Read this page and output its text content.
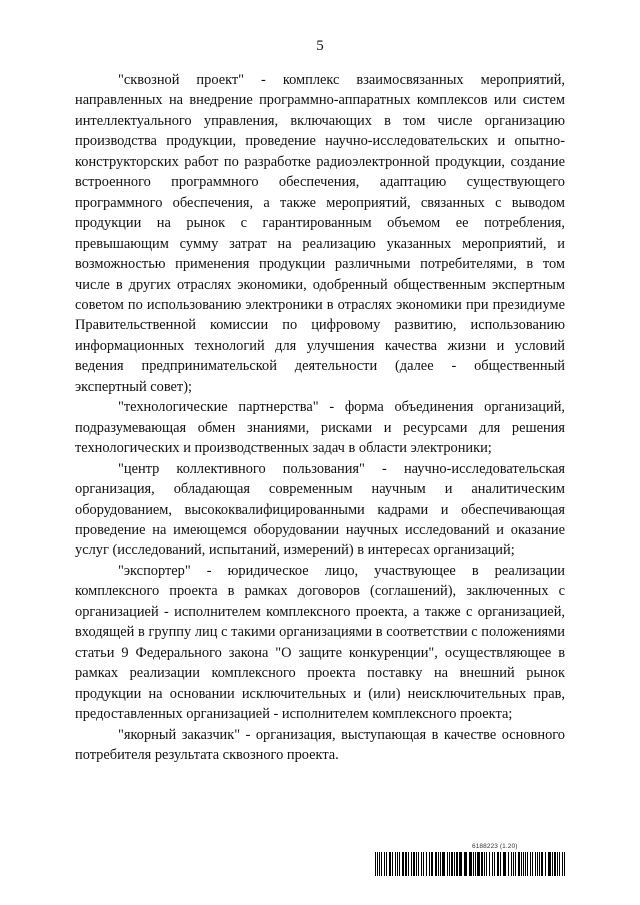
5

"сквозной проект" - комплекс взаимосвязанных мероприятий, направленных на внедрение программно-аппаратных комплексов или систем интеллектуального управления, включающих в том числе организацию производства продукции, проведение научно-исследовательских и опытно-конструкторских работ по разработке радиоэлектронной продукции, создание встроенного программного обеспечения, адаптацию существующего программного обеспечения, а также мероприятий, связанных с выводом продукции на рынок с гарантированным объемом ее потребления, превышающим сумму затрат на реализацию указанных мероприятий, и возможностью применения продукции различными потребителями, в том числе в других отраслях экономики, одобренный общественным экспертным советом по использованию электроники в отраслях экономики при президиуме Правительственной комиссии по цифровому развитию, использованию информационных технологий для улучшения качества жизни и условий ведения предпринимательской деятельности (далее - общественный экспертный совет);

"технологические партнерства" - форма объединения организаций, подразумевающая обмен знаниями, рисками и ресурсами для решения технологических и производственных задач в области электроники;

"центр коллективного пользования" - научно-исследовательская организация, обладающая современным научным и аналитическим оборудованием, высококвалифицированными кадрами и обеспечивающая проведение на имеющемся оборудовании научных исследований и оказание услуг (исследований, испытаний, измерений) в интересах организаций;

"экспортер" - юридическое лицо, участвующее в реализации комплексного проекта в рамках договоров (соглашений), заключенных с организацией - исполнителем комплексного проекта, а также с организацией, входящей в группу лиц с такими организациями в соответствии с положениями статьи 9 Федерального закона "О защите конкуренции", осуществляющее в рамках реализации комплексного проекта поставку на внешний рынок продукции на основании исключительных и (или) неисключительных прав, предоставленных организацией - исполнителем комплексного проекта;

"якорный заказчик" - организация, выступающая в качестве основного потребителя результата сквозного проекта.

6188223 (1.20)
